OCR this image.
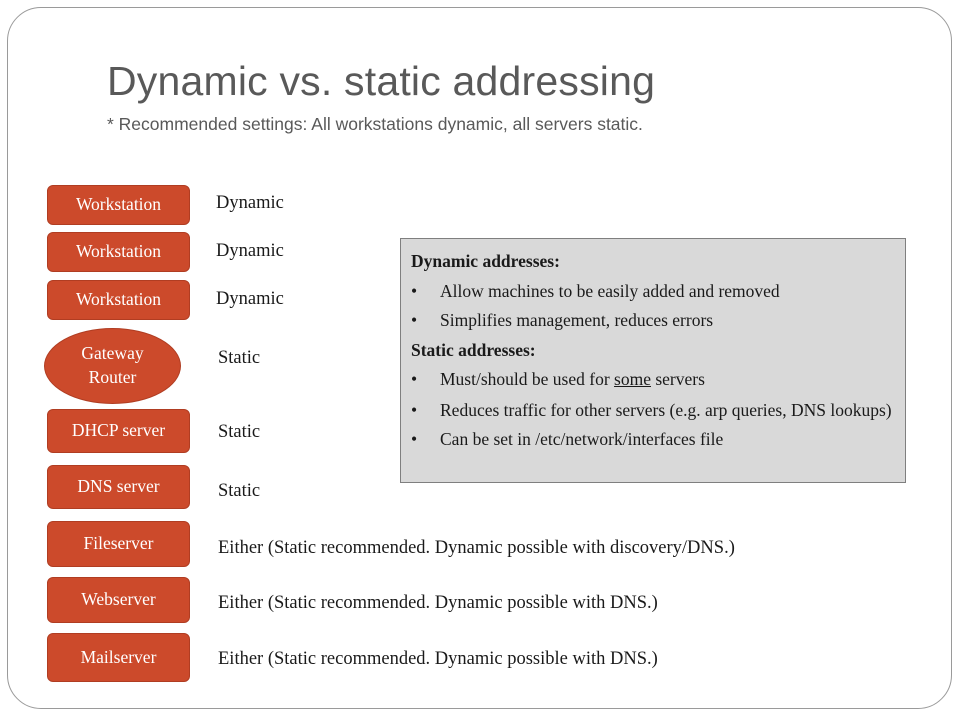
Dynamic vs. static addressing
* Recommended settings: All workstations dynamic, all servers static.
Workstation
Workstation
Workstation
Gateway Router
DHCP server
DNS server
Fileserver
Webserver
Mailserver
Dynamic
Dynamic
Dynamic
Static
Static
Static
Either (Static recommended. Dynamic possible with discovery/DNS.)
Either (Static recommended. Dynamic possible with DNS.)
Either (Static recommended. Dynamic possible with DNS.)
Dynamic addresses:
• Allow machines to be easily added and removed
• Simplifies management, reduces errors
Static addresses:
• Must/should be used for some servers
• Reduces traffic for other servers (e.g. arp queries, DNS lookups)
• Can be set in /etc/network/interfaces file
